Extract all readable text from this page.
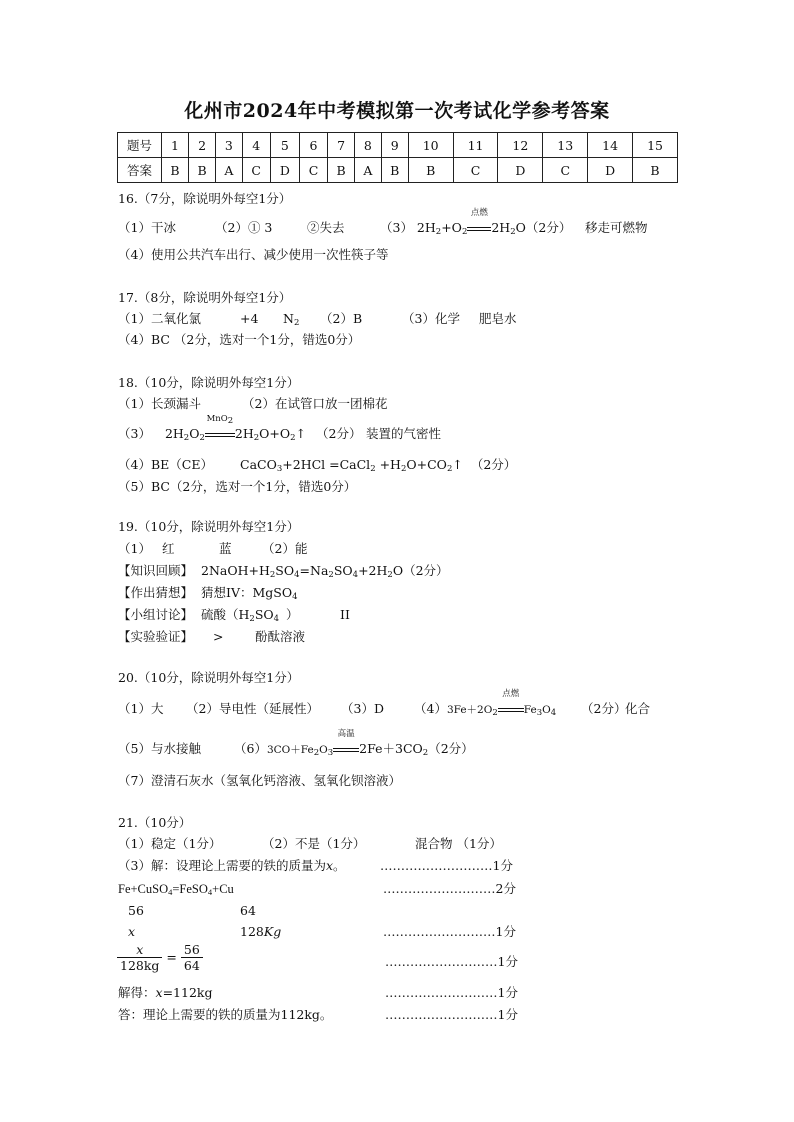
化州市2024年中考模拟第一次考试化学参考答案
题号	1	2	3	4	5	6	7	8	9	10	11	12	13	14	15
答案	B	B	A	C	D	C	B	A	B	B	C	D	C	D	B
16.（7分，除说明外每空1分）
（1）干冰	（2）① 3	②失去	（3） $2H_2+O_2$
点燃
$2H_2O(2$分） 移走可燃物
（4）使用公共汽车出行、减少使用一次性筷子等
17.（8分，除说明外每空1分）
（1）二氧化氯	+4 $N_2$ （2）B	（3）化学 肥皂水
（4）BC （2分，选对一个1分，错选0分）
18.（10分，除说明外每空1分）
（1）长颈漏斗	（2）在试管口放一团棉花
（3） $2H_2O_2$
MnO$_2$
$2H_2O+O_2↑$ （2分） 装置的气密性
（4）BE（CE） CaCO$_3$+2HCl =CaCl$_2$ $+H_2O+CO_2↑$ （2分）
（5）BC（2分，选对一个1分，错选0分）
19.（10分，除说明外每空1分）
（1） 红	蓝 （2）能
【知识回顾】 $2NaOH+H_2SO_4=Na_2SO_4+2H_2O(2$分）
【作出猜想】 猜想IV：MgSO$_4$
【小组讨论】 硫酸（$H_2SO_4$ ）	II
【实验验证】 >	酚酞溶液
20.（10分，除说明外每空1分）
（1）大 （2）导电性（延展性） （3）D $(4)3Fe+2O_2$
点燃
$Fe_3O_4$ （2分）
化合
（5）与水接触	$(6)3CO+Fe_2O_3$
高温
$2Fe+3CO_2(2$分）
（7）澄清石灰水（氢氧化钙溶液、氢氧化钡溶液）
21.（10分）
（1）稳定（1分）	（2）不是（1分）	混合物 （1分）
（3）解：设理论上需要的铁的质量为x。	………………………1分
Fe+CuSO$_4$=FeSO$_4$+Cu	………………………2分
56	64
x	128Kg	………………………1分
$\frac{x}{128kg} = \frac{56}{64}$	………………………1分
解得：x=112kg	………………………1分
答：理论上需要的铁的质量为112kg。	………………………1分
